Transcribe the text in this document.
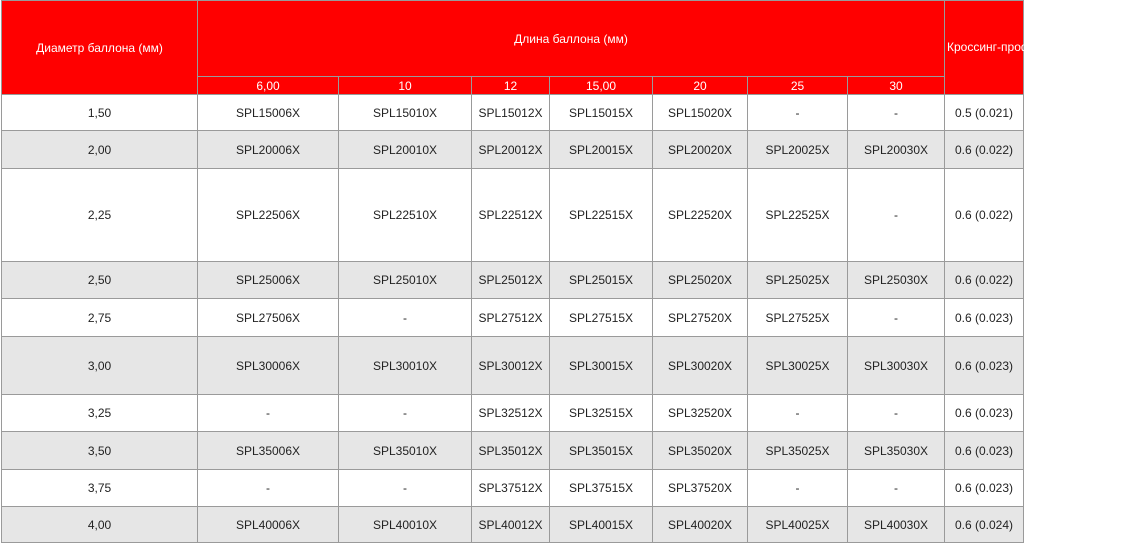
Диаметр баллона (мм)	Длина баллона (мм)							Кроссинг-профиль, мм, (дюймы)
	6,00	10	12	15,00	20	25	30	
1,50	SPL15006X	SPL15010X	SPL15012X	SPL15015X	SPL15020X	-	-	0.5 (0.021)
2,00	SPL20006X	SPL20010X	SPL20012X	SPL20015X	SPL20020X	SPL20025X	SPL20030X	0.6 (0.022)
2,25	SPL22506X	SPL22510X	SPL22512X	SPL22515X	SPL22520X	SPL22525X	-	0.6 (0.022)
2,50	SPL25006X	SPL25010X	SPL25012X	SPL25015X	SPL25020X	SPL25025X	SPL25030X	0.6 (0.022)
2,75	SPL27506X	-	SPL27512X	SPL27515X	SPL27520X	SPL27525X	-	0.6 (0.023)
3,00	SPL30006X	SPL30010X	SPL30012X	SPL30015X	SPL30020X	SPL30025X	SPL30030X	0.6 (0.023)
3,25	-	-	SPL32512X	SPL32515X	SPL32520X	-	-	0.6 (0.023)
3,50	SPL35006X	SPL35010X	SPL35012X	SPL35015X	SPL35020X	SPL35025X	SPL35030X	0.6 (0.023)
3,75	-	-	SPL37512X	SPL37515X	SPL37520X	-	-	0.6 (0.023)
4,00	SPL40006X	SPL40010X	SPL40012X	SPL40015X	SPL40020X	SPL40025X	SPL40030X	0.6 (0.024)
